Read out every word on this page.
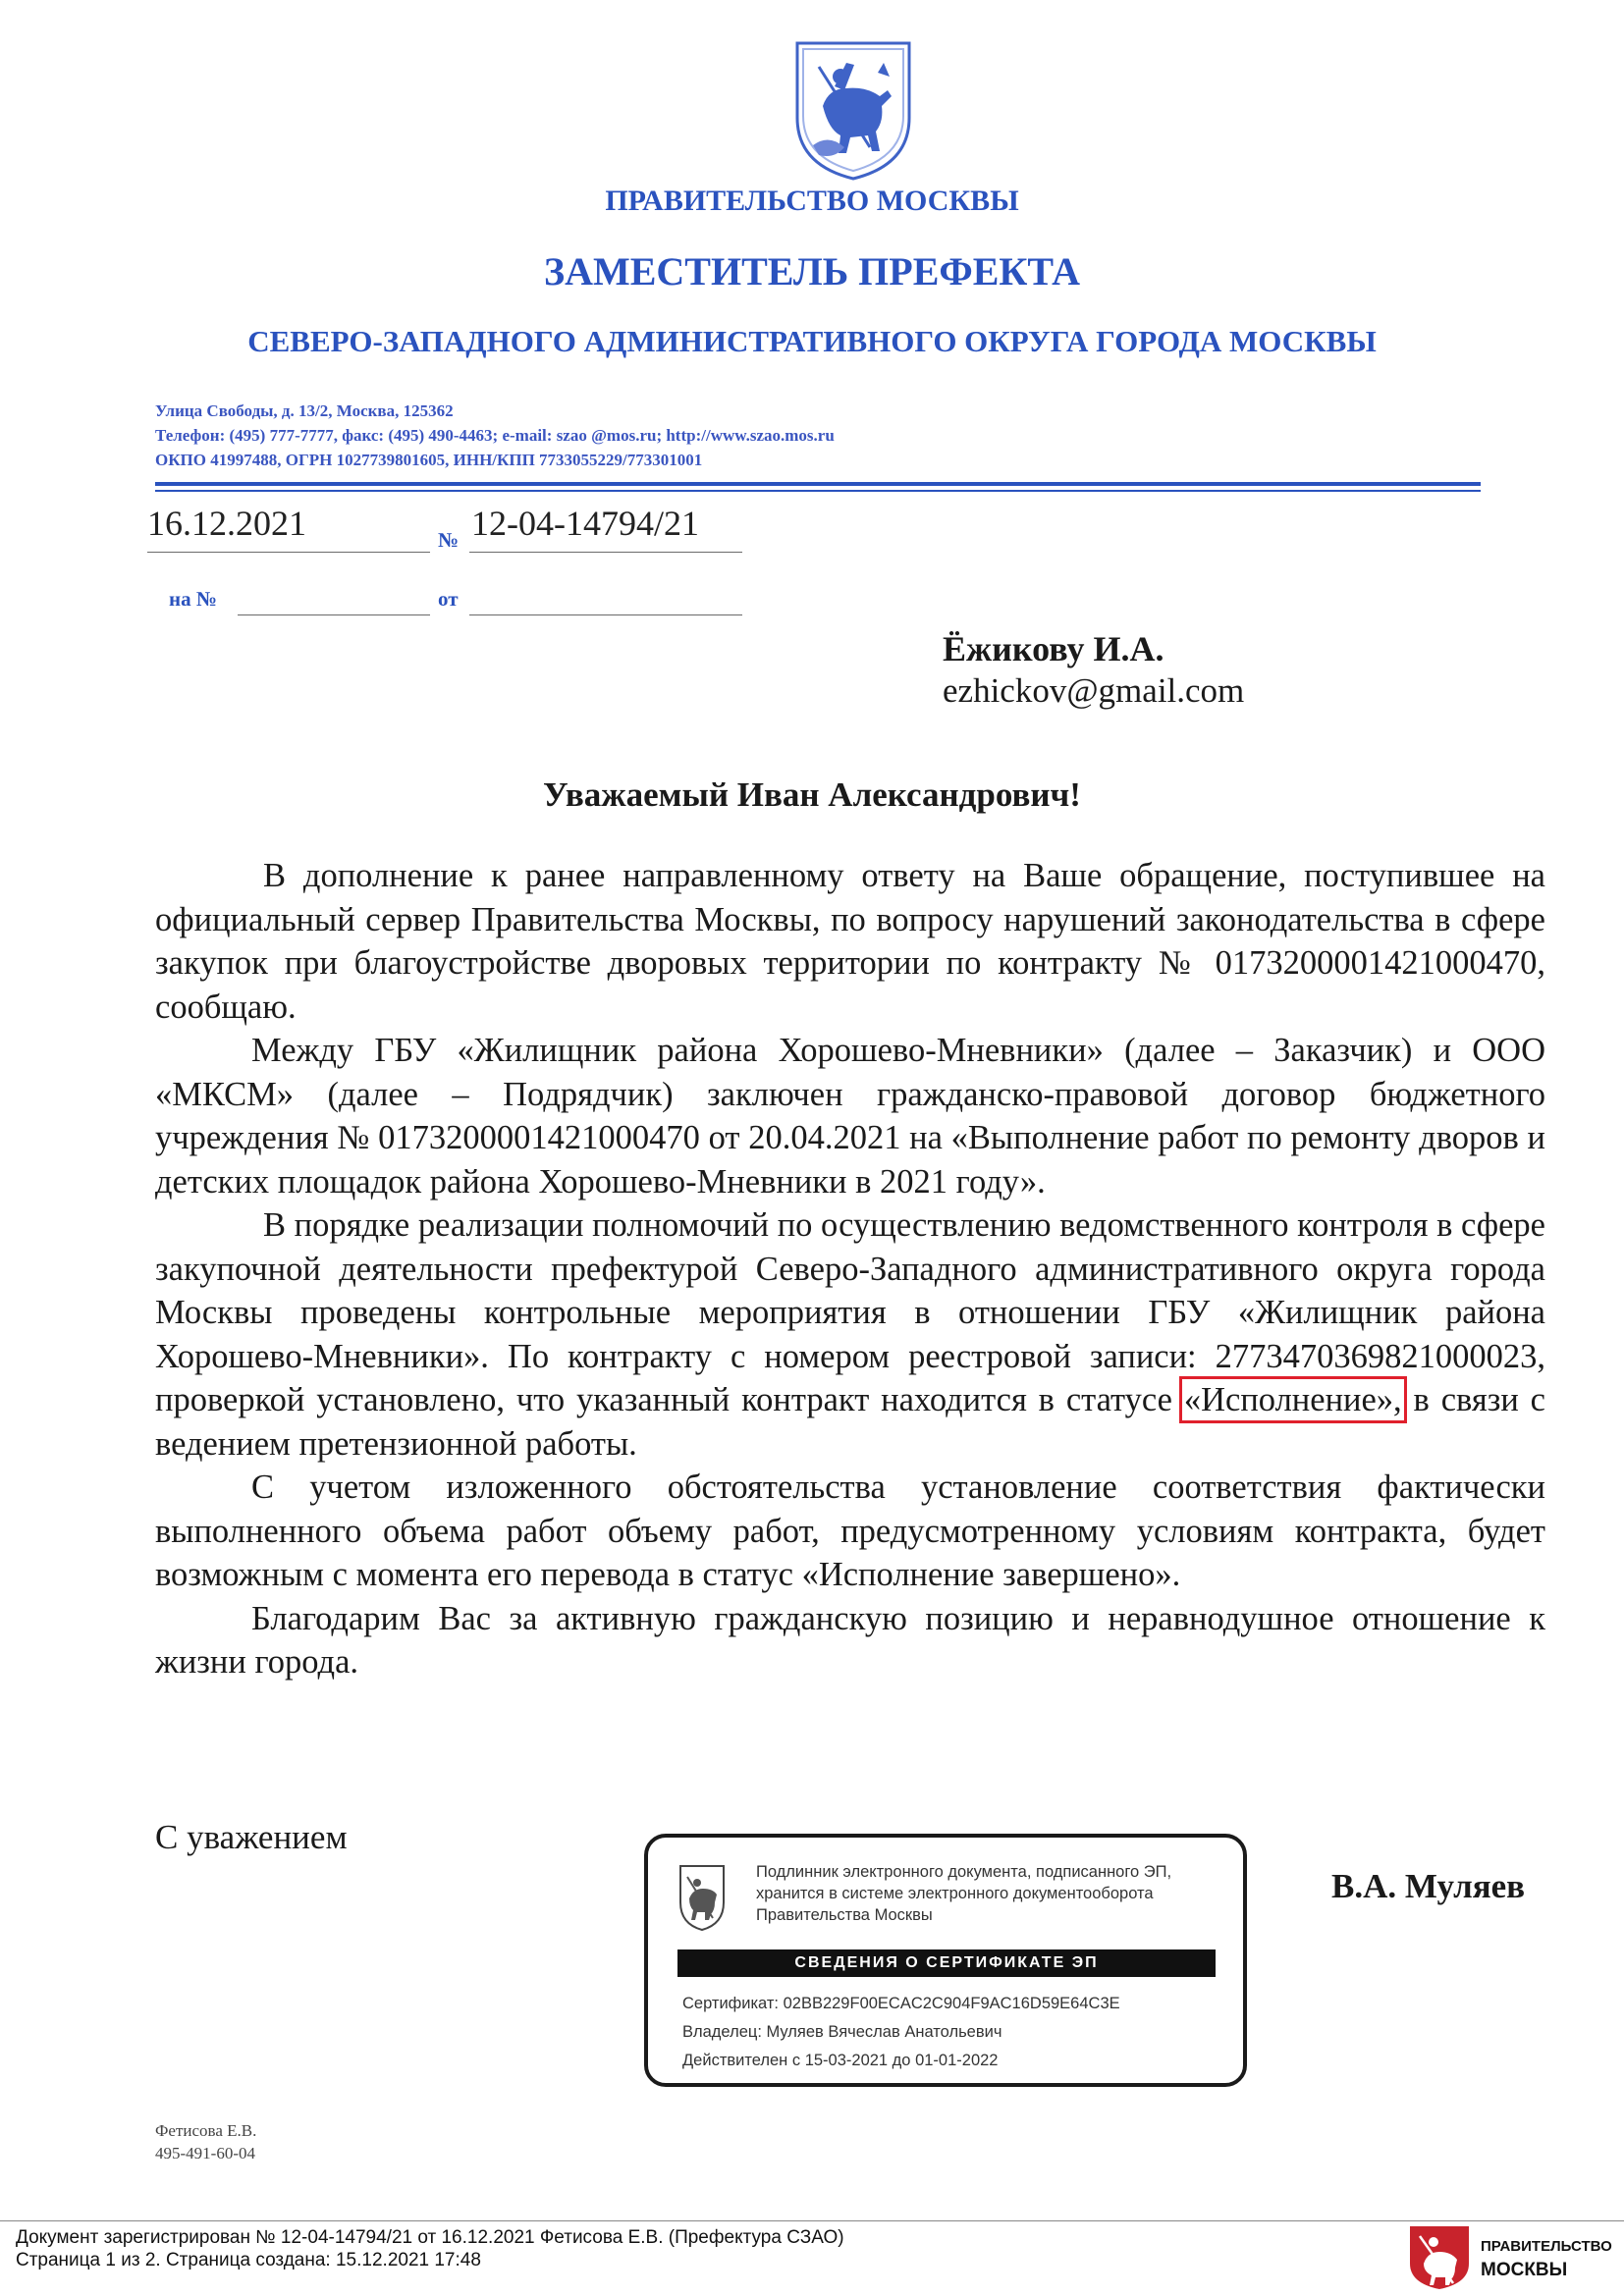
ПРАВИТЕЛЬСТВО МОСКВЫ
ЗАМЕСТИТЕЛЬ ПРЕФЕКТА
СЕВЕРО-ЗАПАДНОГО АДМИНИСТРАТИВНОГО ОКРУГА ГОРОДА МОСКВЫ
Улица Свободы, д. 13/2, Москва, 125362
Телефон: (495) 777-7777, факс: (495) 490-4463; e-mail: szao @mos.ru; http://www.szao.mos.ru
ОКПО 41997488, ОГРН 1027739801605, ИНН/КПП 7733055229/773301001
16.12.2021	№ 12-04-14794/21
на №	от
Ёжикову И.А.
ezhickov@gmail.com
Уважаемый Иван Александрович!

В дополнение к ранее направленному ответу на Ваше обращение, поступившее на официальный сервер Правительства Москвы, по вопросу нарушений законодательства в сфере закупок при благоустройстве дворовых территории по контракту № 0173200001421000470, сообщаю.

Между ГБУ «Жилищник района Хорошево-Мневники» (далее – Заказчик) и ООО «МКСМ» (далее – Подрядчик) заключен гражданско-правовой договор бюджетного учреждения № 0173200001421000470 от 20.04.2021 на «Выполнение работ по ремонту дворов и детских площадок района Хорошево-Мневники в 2021 году».

В порядке реализации полномочий по осуществлению ведомственного контроля в сфере закупочной деятельности префектурой Северо-Западного административного округа города Москвы проведены контрольные мероприятия в отношении ГБУ «Жилищник района Хорошево-Мневники». По контракту с номером реестровой записи: 2773470369821000023, проверкой установлено, что указанный контракт находится в статусе «Исполнение», в связи с ведением претензионной работы.

С учетом изложенного обстоятельства установление соответствия фактически выполненного объема работ объему работ, предусмотренному условиям контракта, будет возможным с момента его перевода в статус «Исполнение завершено».

Благодарим Вас за активную гражданскую позицию и неравнодушное отношение к жизни города.

С уважением
В.А. Муляев
Подлинник электронного документа, подписанного ЭП,
хранится в системе электронного документооборота
Правительства Москвы
СВЕДЕНИЯ О СЕРТИФИКАТЕ ЭП
Сертификат: 02BB229F00ECAC2C904F9AC16D59E64C3E
Владелец: Муляев Вячеслав Анатольевич
Действителен с 15-03-2021 до 01-01-2022
Фетисова Е.В.
495-491-60-04
Документ зарегистрирован № 12-04-14794/21 от 16.12.2021 Фетисова Е.В. (Префектура СЗАО)
Страница 1 из 2. Страница создана: 15.12.2021 17:48
ПРАВИТЕЛЬСТВО
МОСКВЫ
